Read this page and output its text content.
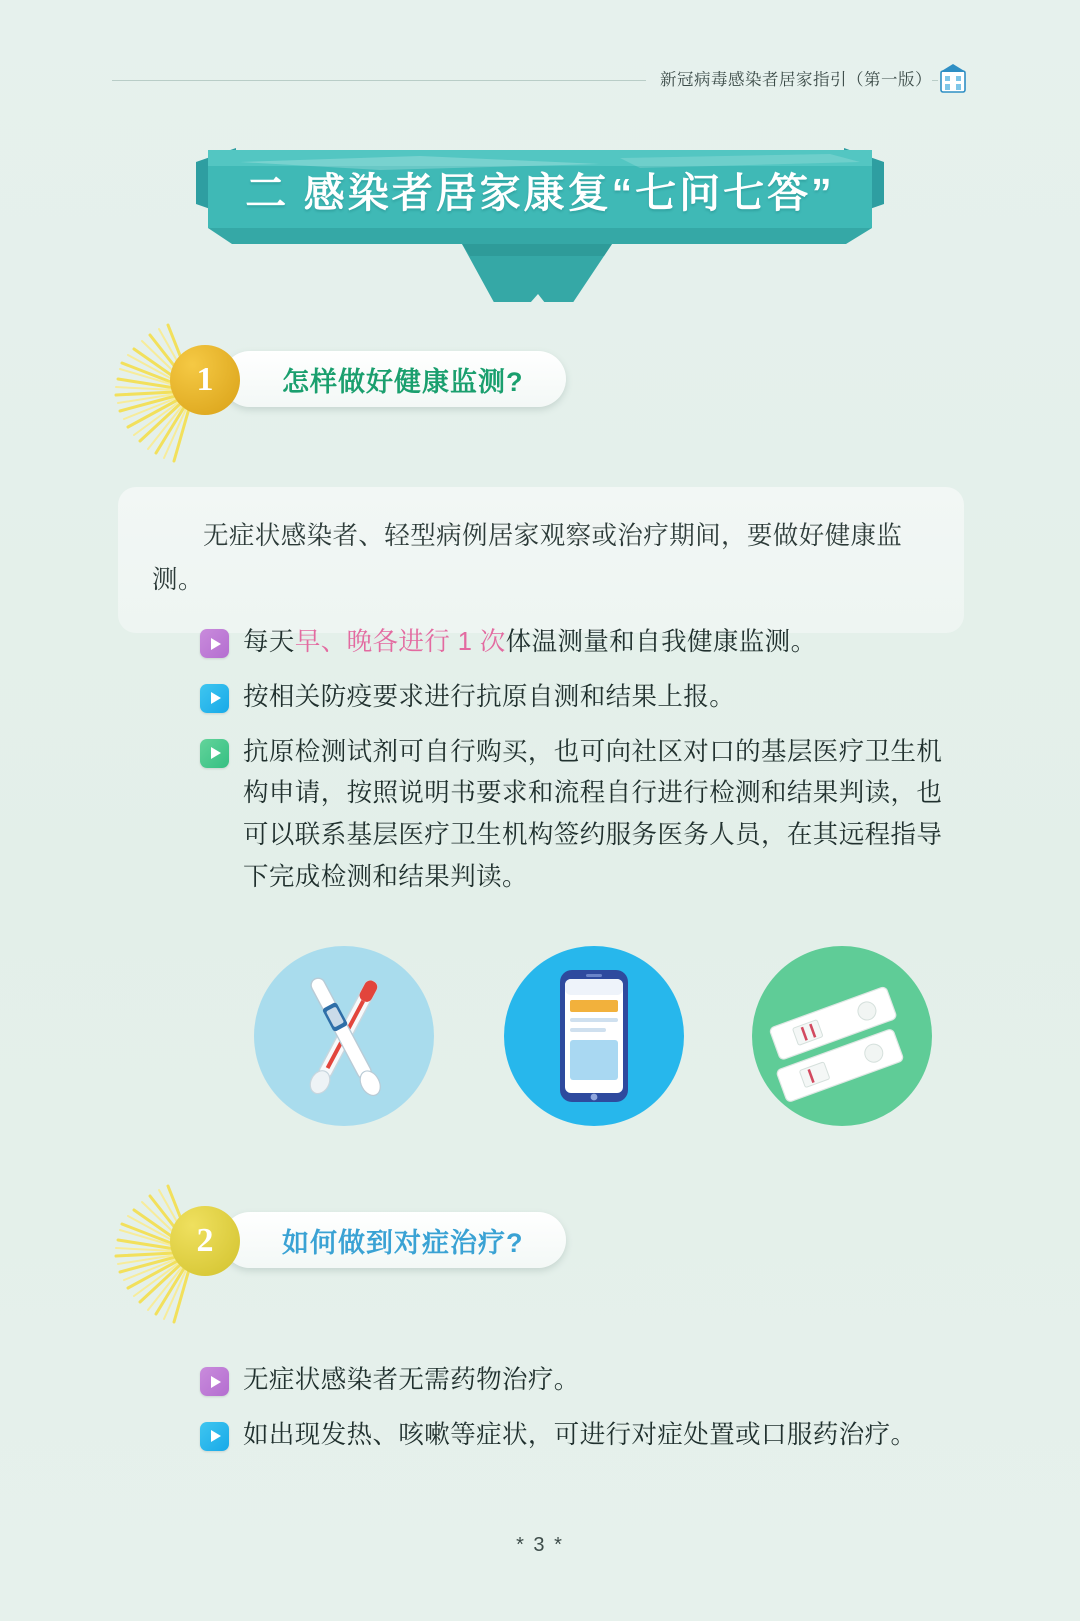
新冠病毒感染者居家指引（第一版）
二 感染者居家康复“七问七答”
1	怎样做好健康监测?

无症状感染者、轻型病例居家观察或治疗期间，要做好健康监测。

每天早、晚各进行 1 次体温测量和自我健康监测。
按相关防疫要求进行抗原自测和结果上报。
抗原检测试剂可自行购买，也可向社区对口的基层医疗卫生机构申请，按照说明书要求和流程自行进行检测和结果判读，也可以联系基层医疗卫生机构签约服务医务人员，在其远程指导下完成检测和结果判读。
2	如何做到对症治疗?
无症状感染者无需药物治疗。
如出现发热、咳嗽等症状，可进行对症处置或口服药治疗。
* 3 *
